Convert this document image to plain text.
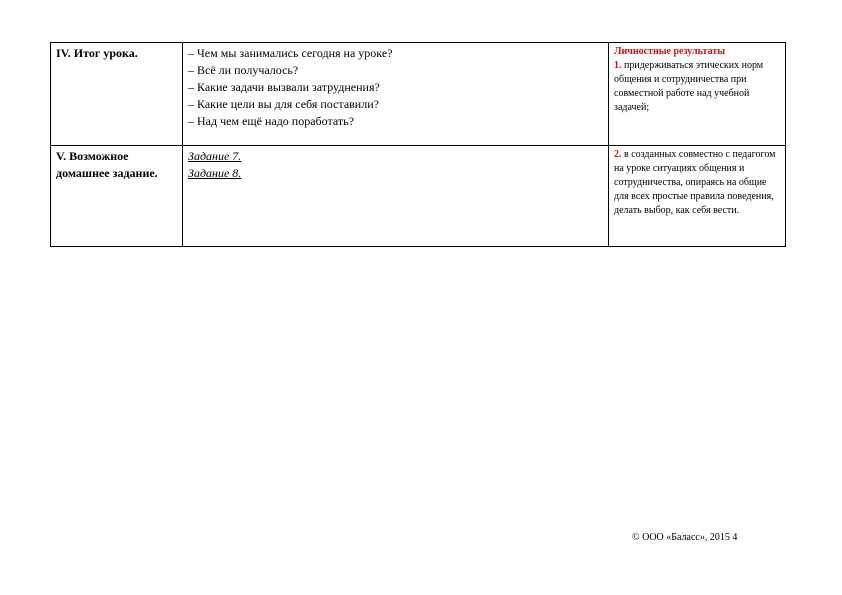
IV. Итог урока.	– Чем мы занимались сегодня на уроке?
– Всё ли получалось?
– Какие задачи вызвали затруднения?
– Какие цели вы для себя поставили?
– Над чем ещё надо поработать?	Личностные результаты
1. придерживаться этических норм общения и сотрудничества при совместной работе над учебной задачей;
V. Возможное домашнее задание.	Задание 7.
Задание 8.	2. в созданных совместно с педагогом на уроке ситуациях общения и сотрудничества, опираясь на общие для всех простые правила поведения, делать выбор, как себя вести.
© ООО «Баласс», 2015 4
